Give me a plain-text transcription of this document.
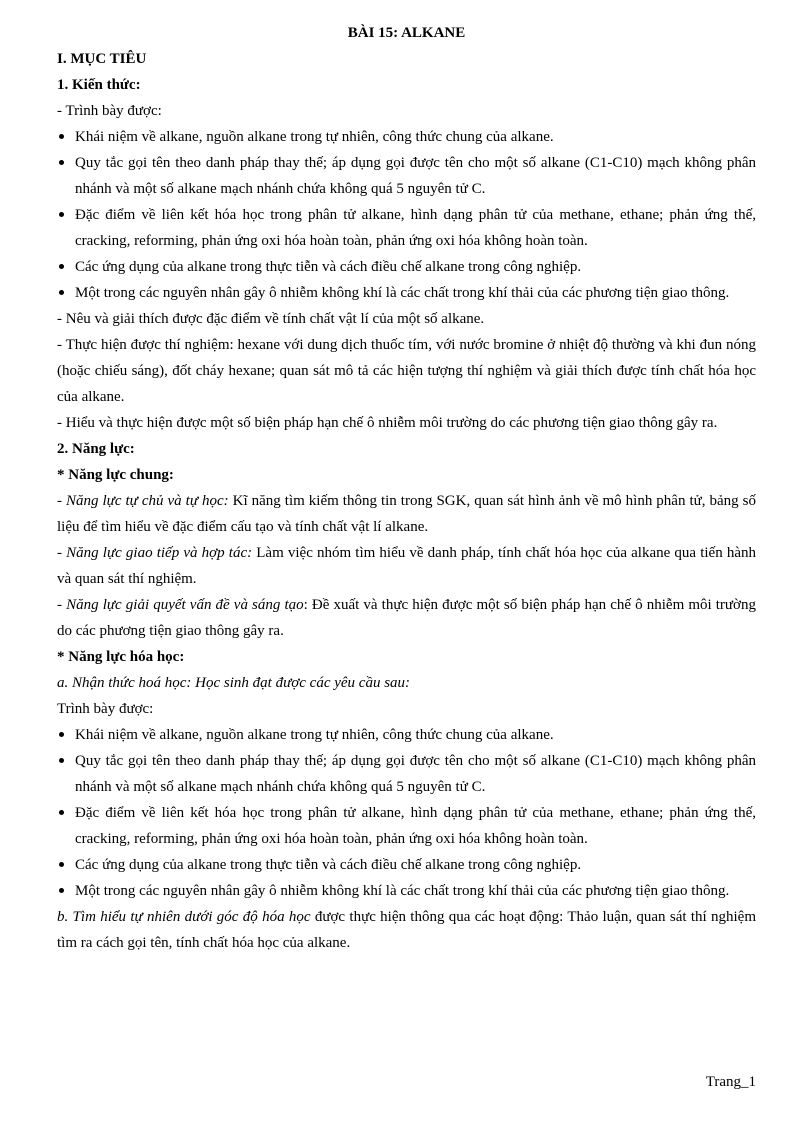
BÀI 15: ALKANE

I. MỤC TIÊU

1. Kiến thức:

- Trình bày được:

Khái niệm về alkane, nguồn alkane trong tự nhiên, công thức chung của alkane.
Quy tắc gọi tên theo danh pháp thay thế; áp dụng gọi được tên cho một số alkane (C1-C10) mạch không phân nhánh và một số alkane mạch nhánh chứa không quá 5 nguyên tử C.
Đặc điểm về liên kết hóa học trong phân tử alkane, hình dạng phân tử của methane, ethane; phản ứng thế, cracking, reforming, phản ứng oxi hóa hoàn toàn, phản ứng oxi hóa không hoàn toàn.
Các ứng dụng của alkane trong thực tiễn và cách điều chế alkane trong công nghiệp.
Một trong các nguyên nhân gây ô nhiễm không khí là các chất trong khí thải của các phương tiện giao thông.

- Nêu và giải thích được đặc điểm về tính chất vật lí của một số alkane.

- Thực hiện được thí nghiệm: hexane với dung dịch thuốc tím, với nước bromine ở nhiệt độ thường và khi đun nóng (hoặc chiếu sáng), đốt cháy hexane; quan sát mô tả các hiện tượng thí nghiệm và giải thích được tính chất hóa học của alkane.

- Hiểu và thực hiện được một số biện pháp hạn chế ô nhiễm môi trường do các phương tiện giao thông gây ra.

2. Năng lực:

* Năng lực chung:

- Năng lực tự chủ và tự học: Kĩ năng tìm kiếm thông tin trong SGK, quan sát hình ảnh về mô hình phân tử, bảng số liệu để tìm hiểu về đặc điểm cấu tạo và tính chất vật lí alkane.

- Năng lực giao tiếp và hợp tác: Làm việc nhóm tìm hiểu về danh pháp, tính chất hóa học của alkane qua tiến hành và quan sát thí nghiệm.

- Năng lực giải quyết vấn đề và sáng tạo: Đề xuất và thực hiện được một số biện pháp hạn chế ô nhiễm môi trường do các phương tiện giao thông gây ra.

* Năng lực hóa học:

a. Nhận thức hoá học: Học sinh đạt được các yêu cầu sau:

Trình bày được:

Khái niệm về alkane, nguồn alkane trong tự nhiên, công thức chung của alkane.
Quy tắc gọi tên theo danh pháp thay thế; áp dụng gọi được tên cho một số alkane (C1-C10) mạch không phân nhánh và một số alkane mạch nhánh chứa không quá 5 nguyên tử C.
Đặc điểm về liên kết hóa học trong phân tử alkane, hình dạng phân tử của methane, ethane; phản ứng thế, cracking, reforming, phản ứng oxi hóa hoàn toàn, phản ứng oxi hóa không hoàn toàn.
Các ứng dụng của alkane trong thực tiễn và cách điều chế alkane trong công nghiệp.
Một trong các nguyên nhân gây ô nhiễm không khí là các chất trong khí thải của các phương tiện giao thông.

b. Tìm hiểu tự nhiên dưới góc độ hóa học được thực hiện thông qua các hoạt động: Thảo luận, quan sát thí nghiệm tìm ra cách gọi tên, tính chất hóa học của alkane.

Trang_1
